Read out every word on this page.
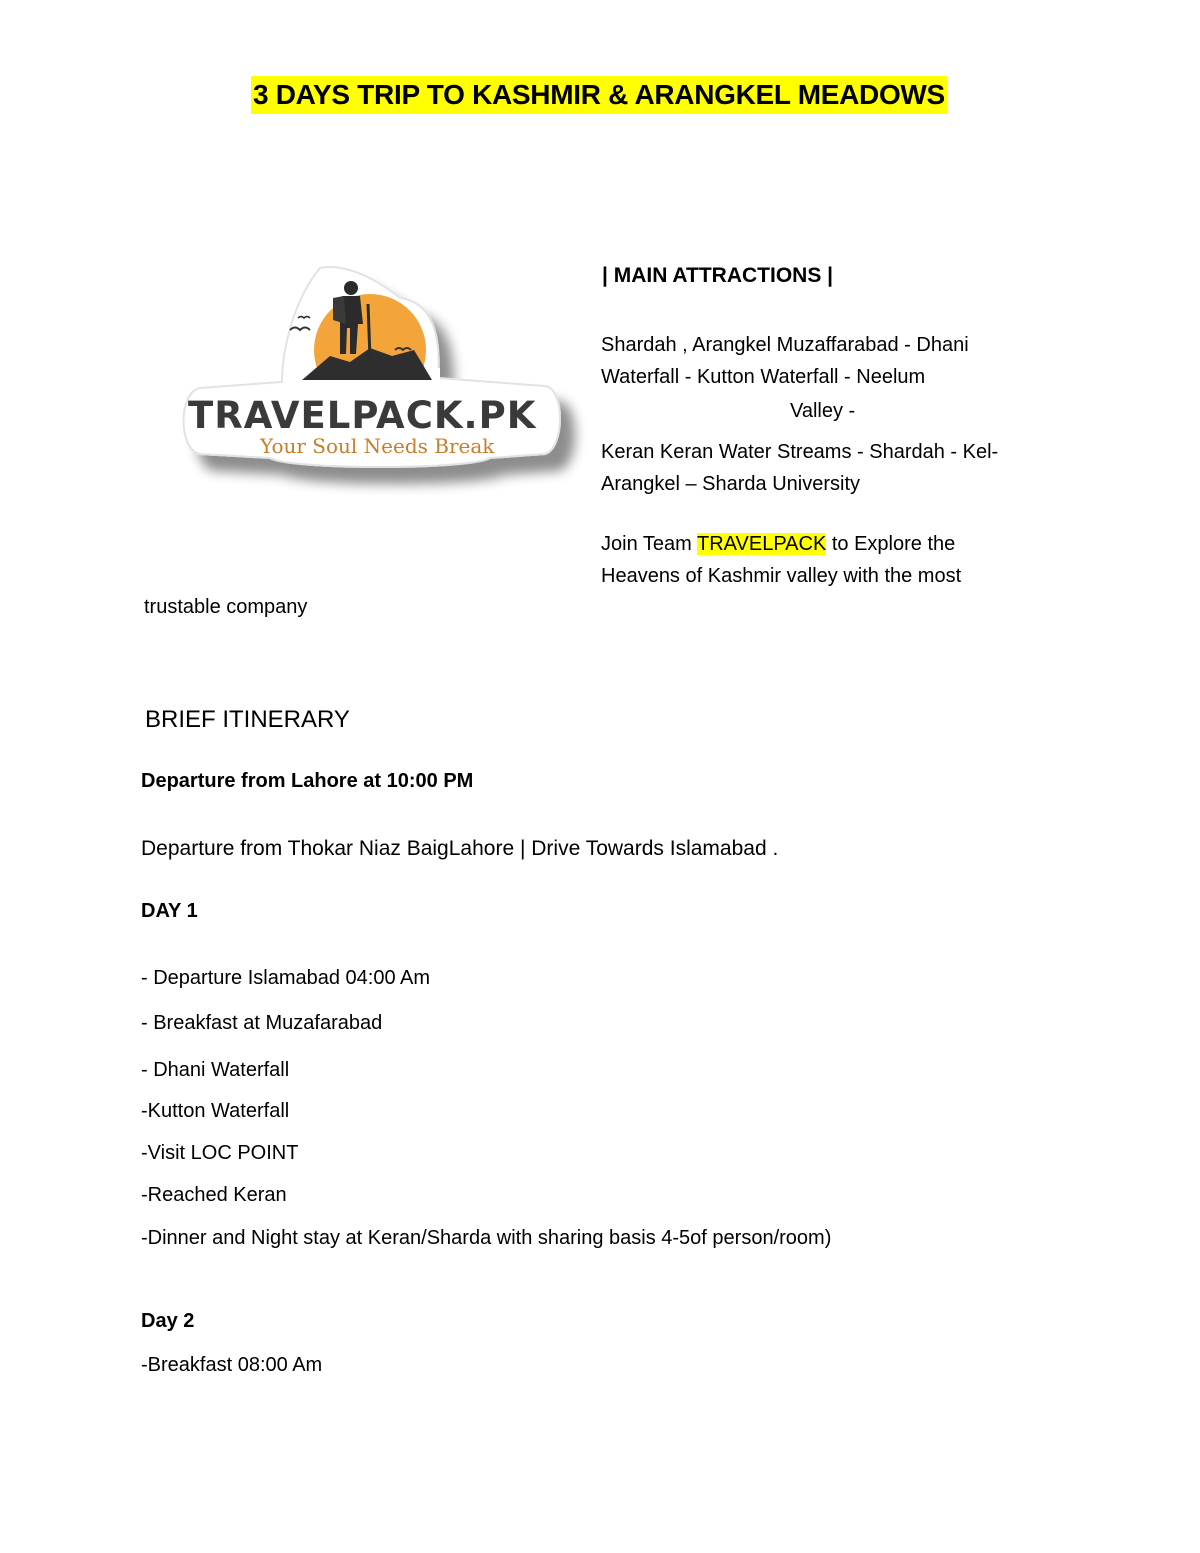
3 DAYS TRIP TO KASHMIR & ARANGKEL MEADOWS
TRAVELPACK.PK
Your Soul Needs Break
| MAIN ATTRACTIONS |
Shardah , Arangkel Muzaffarabad - Dhani
Waterfall - Kutton Waterfall - Neelum
Valley -
Keran Keran Water Streams - Shardah - Kel-
Arangkel – Sharda University
Join Team TRAVELPACK to Explore the
Heavens of Kashmir valley with the most
trustable company
BRIEF ITINERARY
Departure from Lahore at 10:00 PM
Departure from Thokar Niaz BaigLahore | Drive Towards Islamabad .
DAY 1
- Departure Islamabad 04:00 Am
- Breakfast at Muzafarabad
- Dhani Waterfall
-Kutton Waterfall
-Visit LOC POINT
-Reached Keran
-Dinner and Night stay at Keran/Sharda with sharing basis 4-5of person/room)
Day 2
-Breakfast 08:00 Am
